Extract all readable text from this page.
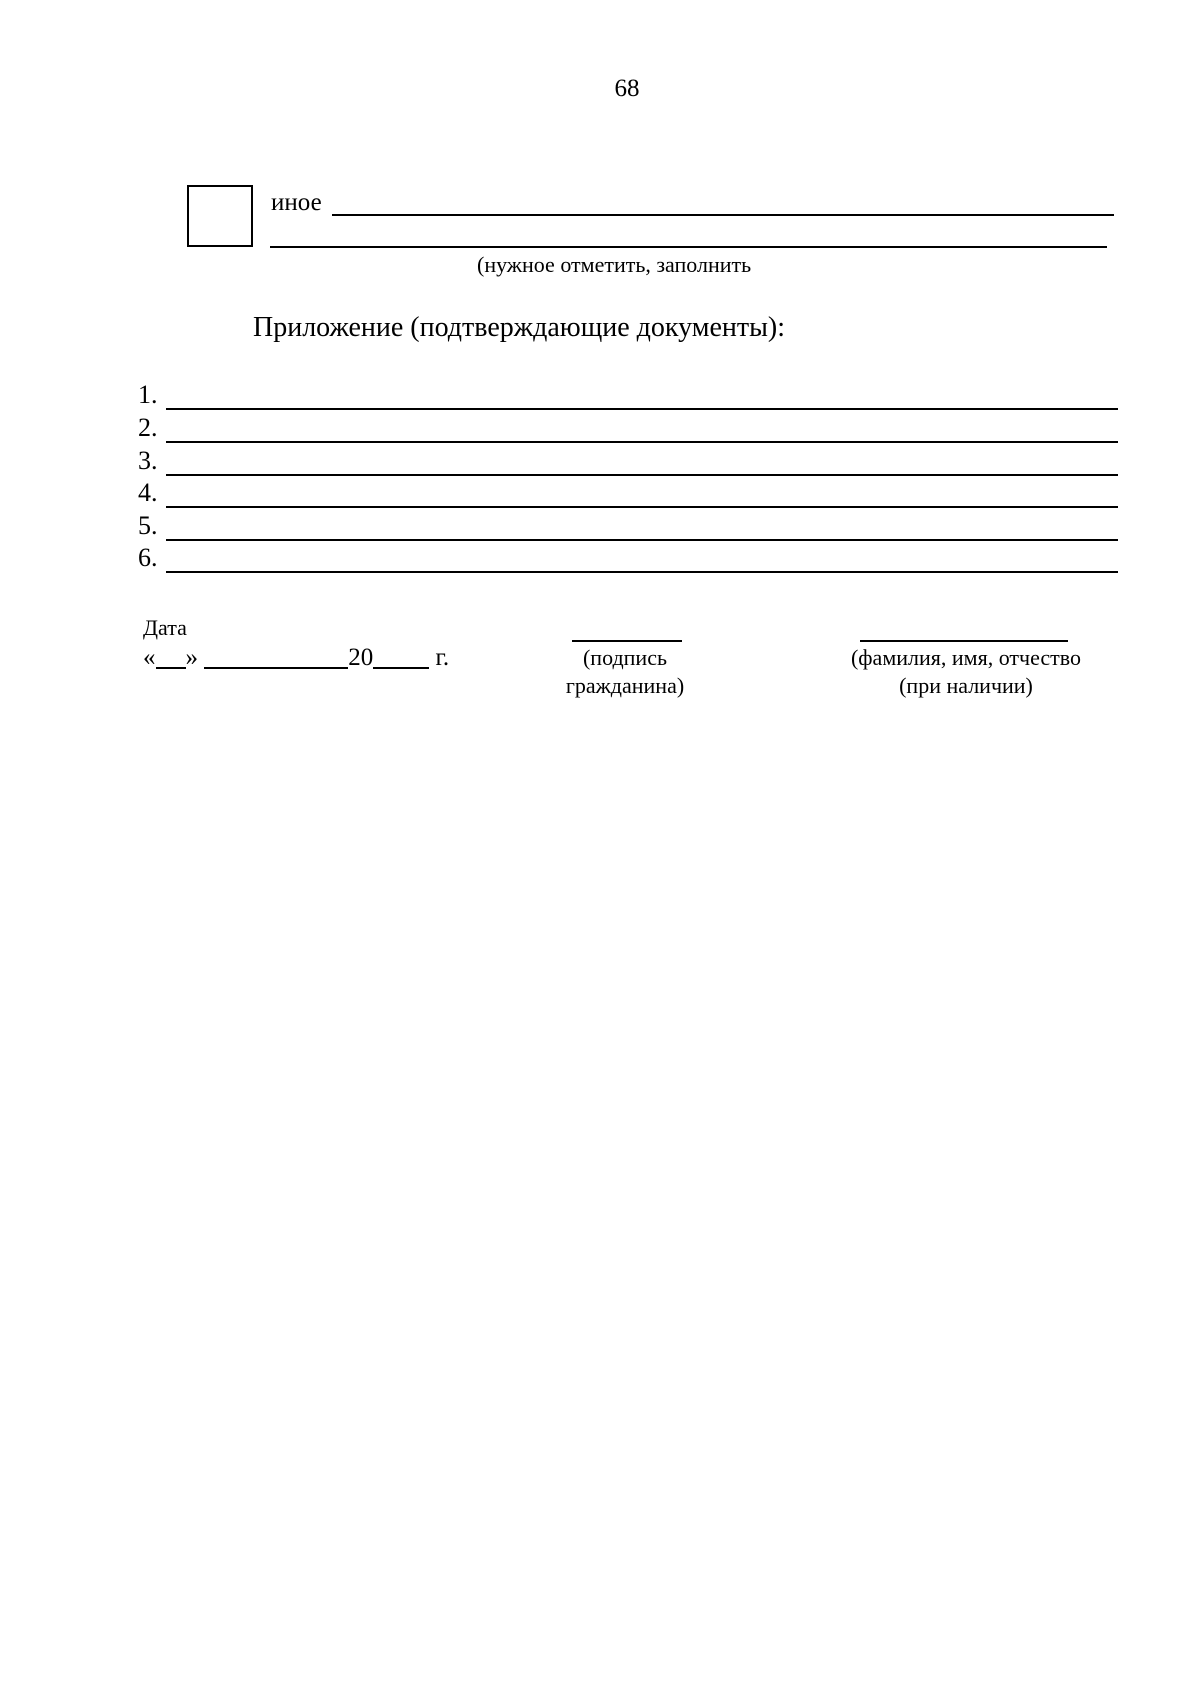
68
иное
(нужное отметить, заполнить
Приложение (подтверждающие документы):
1.
2.
3.
4.
5.
6.
Дата
« »	20 г.	(подпись
гражданина)
(фамилия, имя, отчество
(при наличии)
